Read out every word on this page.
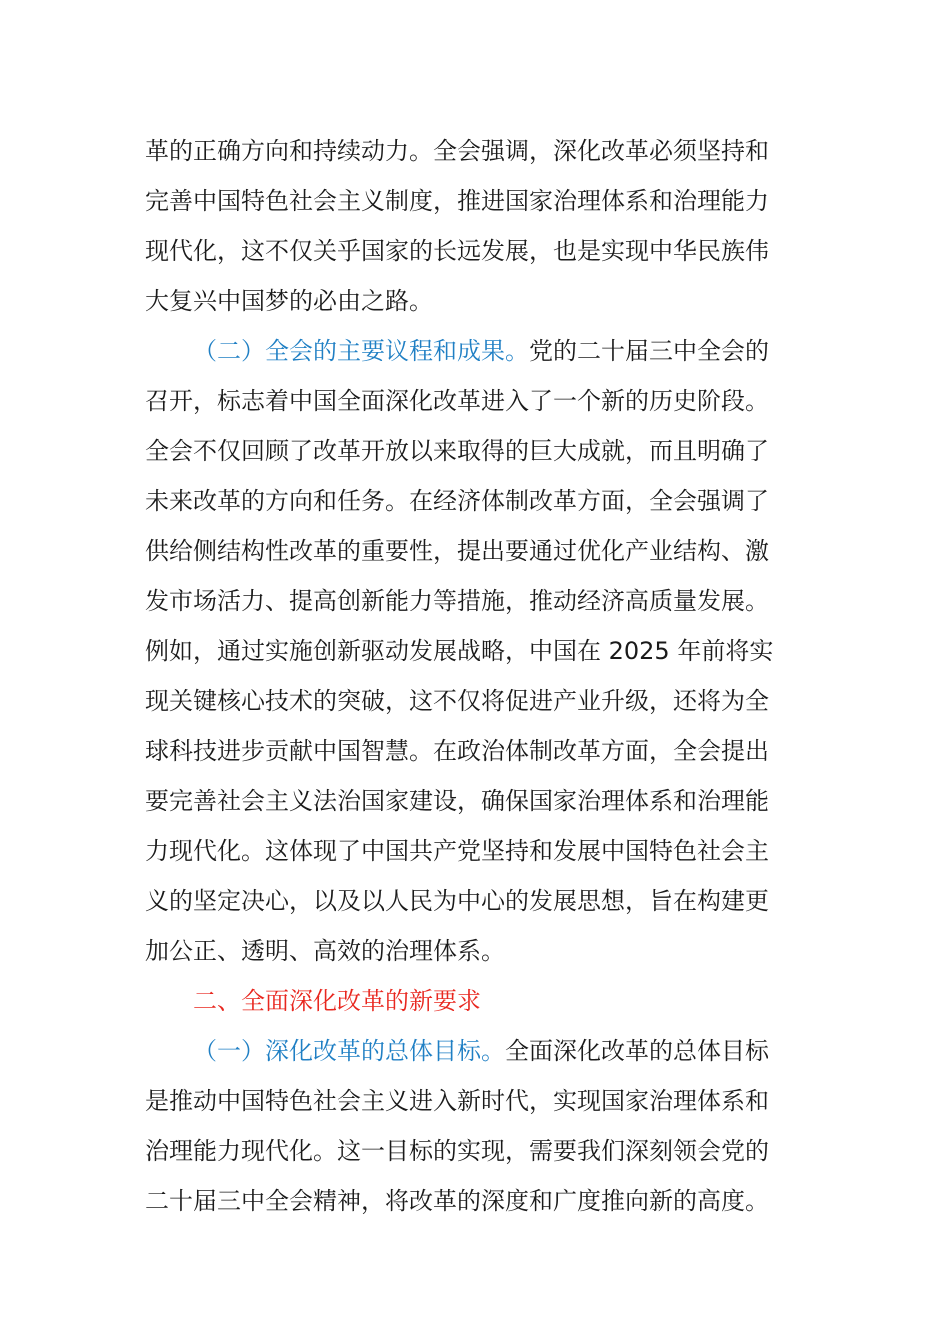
革的正确方向和持续动力。全会强调，深化改革必须坚持和
完善中国特色社会主义制度，推进国家治理体系和治理能力
现代化，这不仅关乎国家的长远发展，也是实现中华民族伟
大复兴中国梦的必由之路。
（二）全会的主要议程和成果。党的二十届三中全会的
召开，标志着中国全面深化改革进入了一个新的历史阶段。
全会不仅回顾了改革开放以来取得的巨大成就，而且明确了
未来改革的方向和任务。在经济体制改革方面，全会强调了
供给侧结构性改革的重要性，提出要通过优化产业结构、激
发市场活力、提高创新能力等措施，推动经济高质量发展。
例如，通过实施创新驱动发展战略，中国在 2025 年前将实
现关键核心技术的突破，这不仅将促进产业升级，还将为全
球科技进步贡献中国智慧。在政治体制改革方面，全会提出
要完善社会主义法治国家建设，确保国家治理体系和治理能
力现代化。这体现了中国共产党坚持和发展中国特色社会主
义的坚定决心，以及以人民为中心的发展思想，旨在构建更
加公正、透明、高效的治理体系。
二、全面深化改革的新要求
（一）深化改革的总体目标。全面深化改革的总体目标
是推动中国特色社会主义进入新时代，实现国家治理体系和
治理能力现代化。这一目标的实现，需要我们深刻领会党的
二十届三中全会精神，将改革的深度和广度推向新的高度。
